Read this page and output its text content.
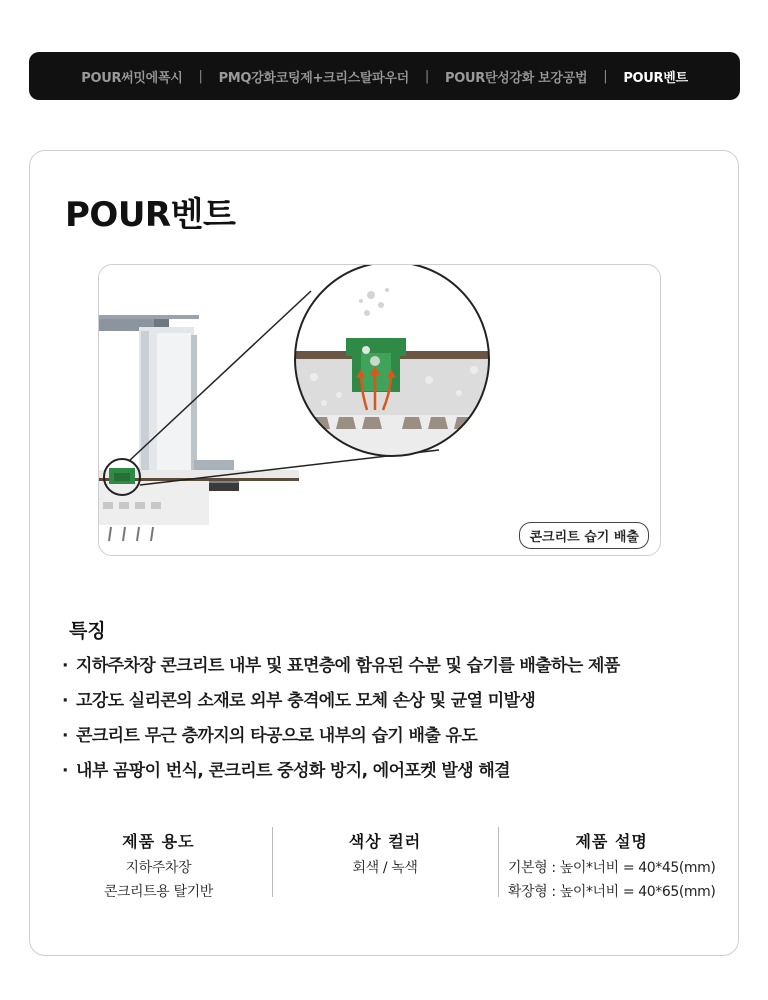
POUR써밋에폭시 | PMQ강화코팅제+크리스탈파우더 | POUR탄성강화 보강공법 | POUR벤트
POUR벤트
콘크리트 습기 배출
특징
· 지하주차장 콘크리트 내부 및 표면층에 함유된 수분 및 습기를 배출하는 제품
· 고강도 실리콘의 소재로 외부 충격에도 모체 손상 및 균열 미발생
· 콘크리트 무근 층까지의 타공으로 내부의 습기 배출 유도
· 내부 곰팡이 번식, 콘크리트 중성화 방지, 에어포켓 발생 해결
제품 용도
지하주차장
콘크리트용 탈기반
색상 컬러
회색 / 녹색
제품 설명
기본형 : 높이*너비 = 40*45(mm)
확장형 : 높이*너비 = 40*65(mm)
